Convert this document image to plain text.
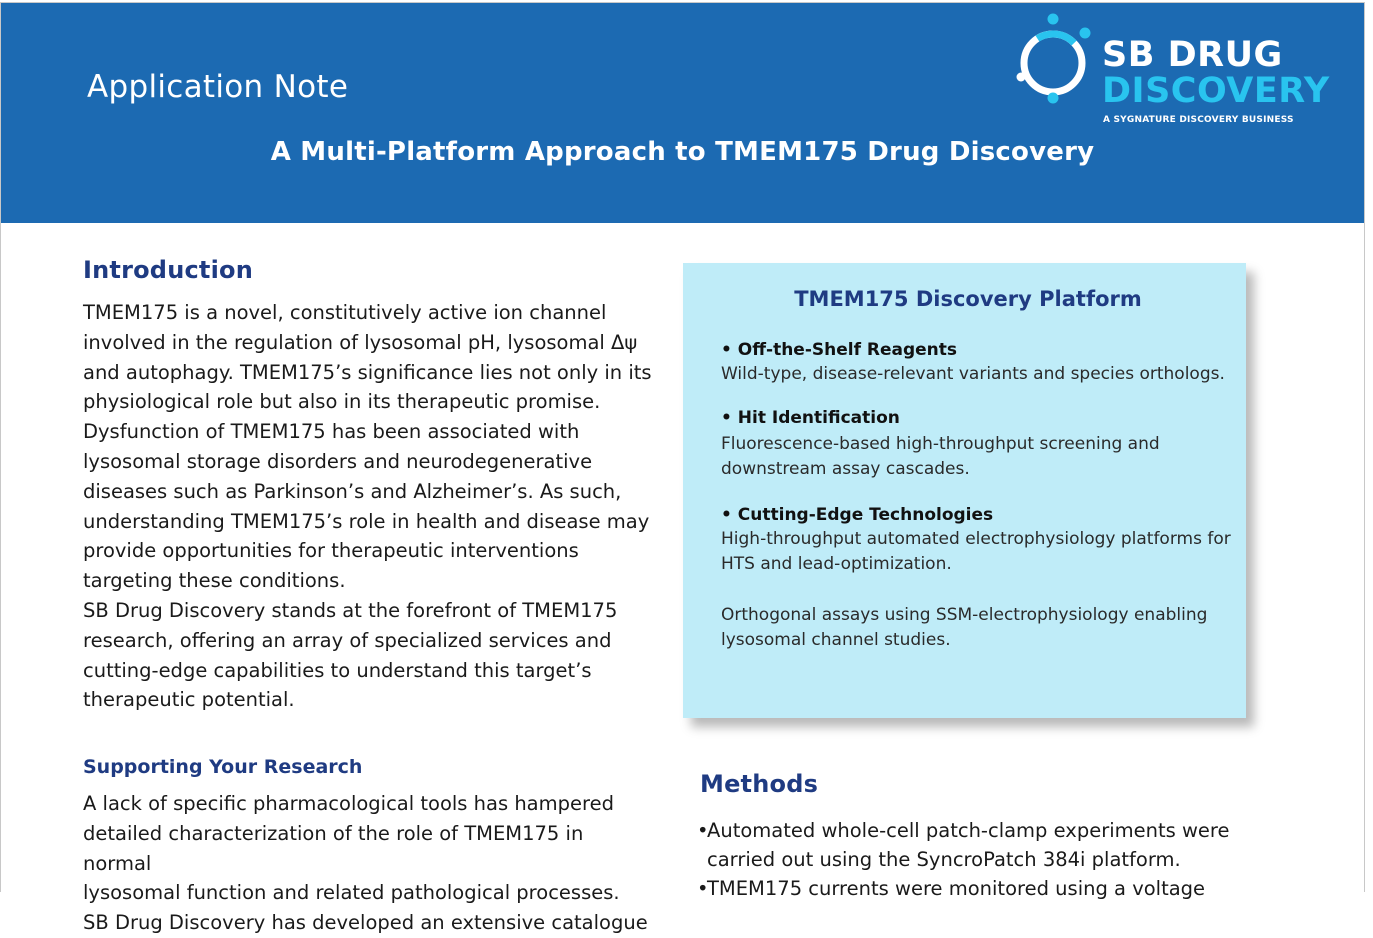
Application Note
A Multi-Platform Approach to TMEM175 Drug Discovery
SB DRUG
DISCOVERY
A SYGNATURE DISCOVERY BUSINESS
Introduction
TMEM175 is a novel, constitutively active ion channel
involved in the regulation of lysosomal pH, lysosomal Δψ
and autophagy. TMEM175’s significance lies not only in its
physiological role but also in its therapeutic promise.
Dysfunction of TMEM175 has been associated with
lysosomal storage disorders and neurodegenerative
diseases such as Parkinson’s and Alzheimer’s. As such,
understanding TMEM175’s role in health and disease may
provide opportunities for therapeutic interventions
targeting these conditions.
SB Drug Discovery stands at the forefront of TMEM175
research, offering an array of specialized services and
cutting-edge capabilities to understand this target’s
therapeutic potential.
Supporting Your Research
A lack of specific pharmacological tools has hampered
detailed characterization of the role of TMEM175 in normal
lysosomal function and related pathological processes.
SB Drug Discovery has developed an extensive catalogue
TMEM175 Discovery Platform
• Off-the-Shelf Reagents
Wild-type, disease-relevant variants and species orthologs.
• Hit Identification
Fluorescence-based high-throughput screening and
downstream assay cascades.
• Cutting-Edge Technologies
High-throughput automated electrophysiology platforms for
HTS and lead-optimization.
Orthogonal assays using SSM-electrophysiology enabling
lysosomal channel studies.
Methods
•Automated whole-cell patch-clamp experiments were carried out using the SyncroPatch 384i platform.
•TMEM175 currents were monitored using a voltage
